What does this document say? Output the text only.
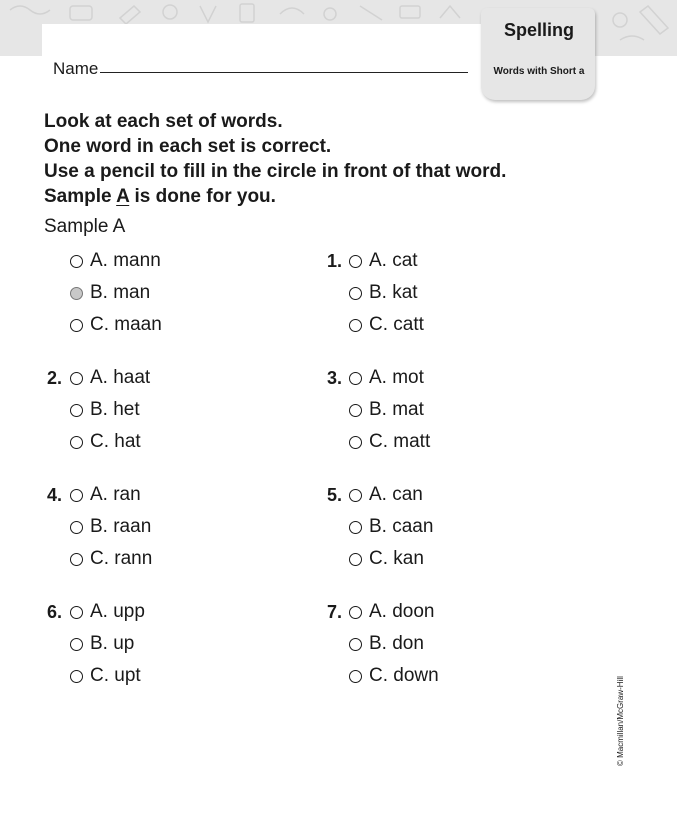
Name
Spelling
Words with Short a
Look at each set of words.
One word in each set is correct.
Use a pencil to fill in the circle in front of that word.
Sample A is done for you.
Sample A
A. mann
B. man
C. maan
1. A. cat
B. kat
C. catt
2. A. haat
B. het
C. hat
3. A. mot
B. mat
C. matt
4. A. ran
B. raan
C. rann
5. A. can
B. caan
C. kan
6. A. upp
B. up
C. upt
7. A. doon
B. don
C. down
© Macmillan/McGraw-Hill
